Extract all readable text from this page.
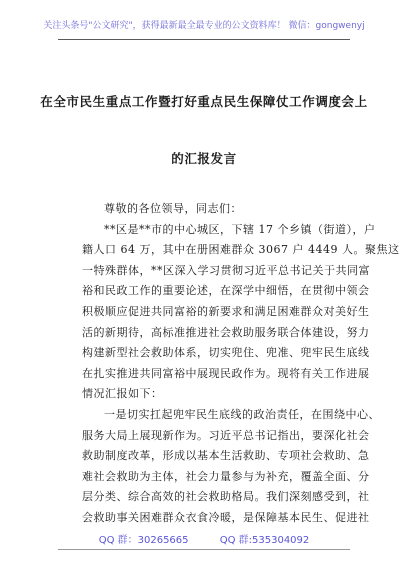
关注头条号"公文研究"，获得最新最全最专业的公文资料库！ 微信：gongwenyj
在全市民生重点工作暨打好重点民生保障仗工作调度会上
的汇报发言
尊敬的各位领导，同志们：
**区是**市的中心城区，下辖 17 个乡镇（街道），户
籍人口 64 万，其中在册困难群众 3067 户 4449 人。聚焦这
一特殊群体，**区深入学习贯彻习近平总书记关于共同富
裕和民政工作的重要论述，在深学中细悟，在贯彻中领会
积极顺应促进共同富裕的新要求和满足困难群众对美好生
活的新期待，高标准推进社会救助服务联合体建设，努力
构建新型社会救助体系，切实兜住、兜准、兜牢民生底线
在扎实推进共同富裕中展现民政作为。现将有关工作进展
情况汇报如下：
一是切实扛起兜牢民生底线的政治责任，在围绕中心、
服务大局上展现新作为。习近平总书记指出，要深化社会
救助制度改革，形成以基本生活救助、专项社会救助、急
难社会救助为主体，社会力量参与为补充，覆盖全面、分
层分类、综合高效的社会救助格局。我们深刻感受到，社
会救助事关困难群众衣食冷暖，是保障基本民生、促进社
QQ 群：30265665	QQ 群:535304092
